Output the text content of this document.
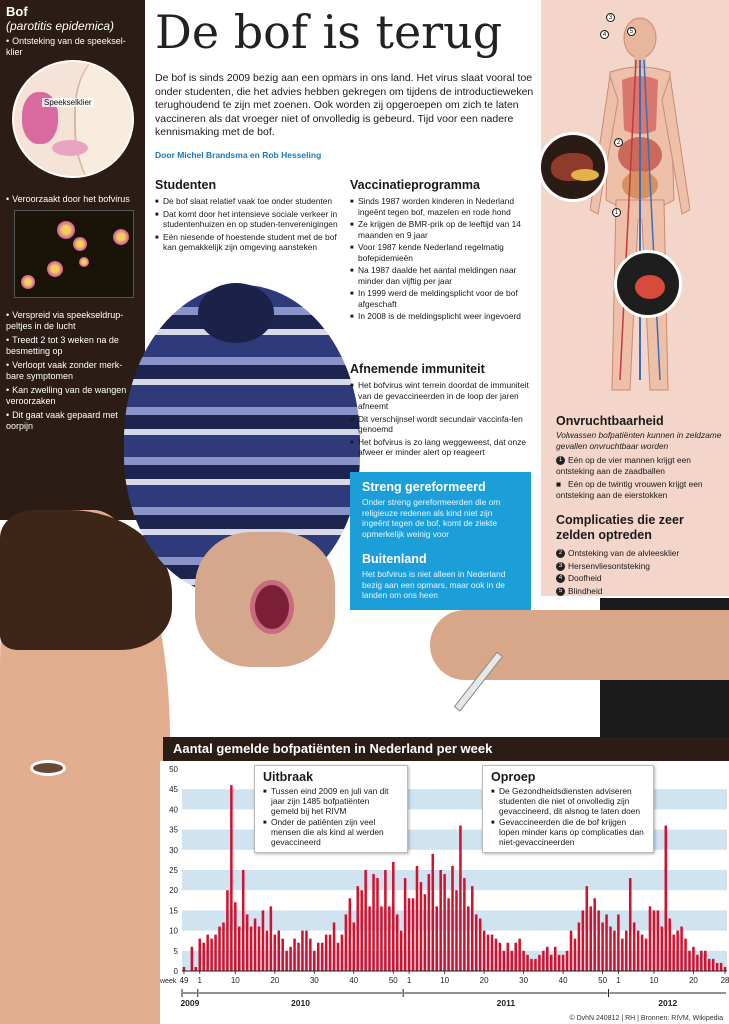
Bof
(parotitis epidemica)
• Ontsteking van de speeksel-klier
Speekselklier
• Veroorzaakt door het bofvirus
• Verspreid via speekseldrup-peltjes in de lucht
• Treedt 2 tot 3 weken na de besmetting op
• Verloopt vaak zonder merk-bare symptomen
• Kan zwelling van de wangen veroorzaken
• Dit gaat vaak gepaard met oorpijn
3
4	5
2
1
Onvruchtbaarheid
Volwassen bofpatiënten kunnen in zeldzame gevallen onvruchtbaar worden
1 Eén op de vier mannen krijgt een ontsteking aan de zaadballen
■ Eén op de twintig vrouwen krijgt een ontsteking aan de eierstokken
Complicaties die zeer zelden optreden
2 Ontsteking van de alvleesklier
3 Hersenvliesontsteking
4 Doofheid
5 Blindheid
De bof is terug
De bof is sinds 2009 bezig aan een opmars in ons land. Het virus slaat vooral toe onder studenten, die het advies hebben gekregen om tijdens de introductieweken terughoudend te zijn met zoenen. Ook worden zij opgeroepen om zich te laten vaccineren als dat vroeger niet of onvolledig is gebeurd. Tijd voor een nadere kennismaking met de bof.
Door Michel Brandsma en Rob Hesseling
Studenten
■ De bof slaat relatief vaak toe onder studenten
■ Dat komt door het intensieve sociale verkeer in studentenhuizen en op studen-tenverenigingen
■ Eén niesende of hoestende student met de bof kan gemakkelijk zijn omgeving aansteken
Vaccinatieprogramma
■ Sinds 1987 worden kinderen in Nederland ingeënt tegen bof, mazelen en rode hond
■ Ze krijgen de BMR-prik op de leeftijd van 14 maanden en 9 jaar
■ Voor 1987 kende Nederland regelmatig bofepidemieën
■ Na 1987 daalde het aantal meldingen naar minder dan vijftig per jaar
■ In 1999 werd de meldingsplicht voor de bof afgeschaft
■ In 2008 is de meldingsplicht weer ingevoerd
Afnemende immuniteit
■ Het bofvirus wint terrein doordat de immuniteit van de gevaccineerden in de loop der jaren afneemt
■ Dit verschijnsel wordt secundair vaccinfa-len genoemd
■ Het bofvirus is zo lang weggeweest, dat onze afweer er minder alert op reageert
Streng gereformeerd
Onder streng gereformeerden die om religieuze redenen als kind niet zijn ingeënt tegen de bof, komt de ziekte opmerkelijk weinig voor
Buitenland
Het bofvirus is niet alleen in Nederland bezig aan een opmars, maar ook in de landen om ons heen
Aantal gemelde bofpatiënten in Nederland per week
0
5
10
15
20
25
30
35
40
45
50
week 49 1	10	20	30	40	50 1	10	20	30	40	50 1	10	20	28
2009	2010	2011	2012
Uitbraak
■ Tussen eind 2009 en juli van dit jaar zijn 1485 bofpatiënten gemeld bij het RIVM
■ Onder de patiënten zijn veel mensen die als kind al werden gevaccineerd
Oproep
■ De Gezondheidsdiensten adviseren studenten die niet of onvolledig zijn gevaccineerd, dit alsnog te laten doen
■ Gevaccineerden die de bof krijgen lopen minder kans op complicaties dan niet-gevaccineerden
© DvhN 240812 | RH | Bronnen: RIVM, Wikipedia
